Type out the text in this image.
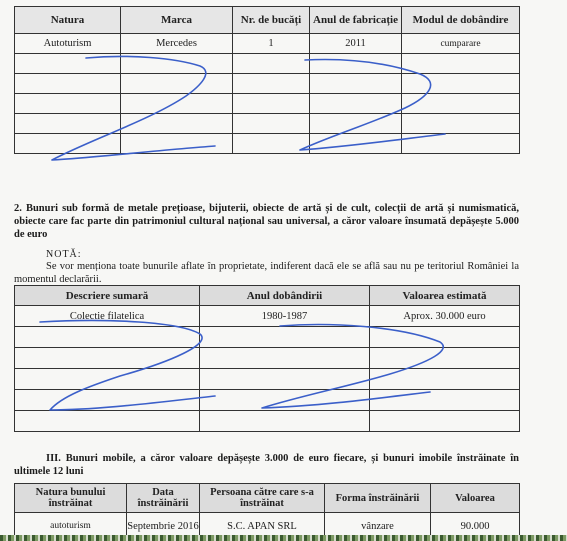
Natura	Marca	Nr. de bucăți	Anul de fabricație	Modul de dobândire
Autoturism	Mercedes	1	2011	cumparare

2. Bunuri sub formă de metale prețioase, bijuterii, obiecte de artă și de cult, colecții de artă și numismatică, obiecte care fac parte din patrimoniul cultural național sau universal, a căror valoare însumată depășește 5.000 de euro
NOTĂ:
Se vor menționa toate bunurile aflate în proprietate, indiferent dacă ele se află sau nu pe teritoriul României la momentul declarării.
Descriere sumară	Anul dobândirii	Valoarea estimată
Colectie filatelica	1980-1987	Aprox. 30.000 euro

III. Bunuri mobile, a căror valoare depășește 3.000 de euro fiecare, și bunuri imobile înstrăinate în ultimele 12 luni
Natura bunului înstrăinat	Data înstrăinării	Persoana către care s-a înstrăinat	Forma înstrăinării	Valoarea
autoturism	Septembrie 2016	S.C. APAN SRL	vânzare	90.000
